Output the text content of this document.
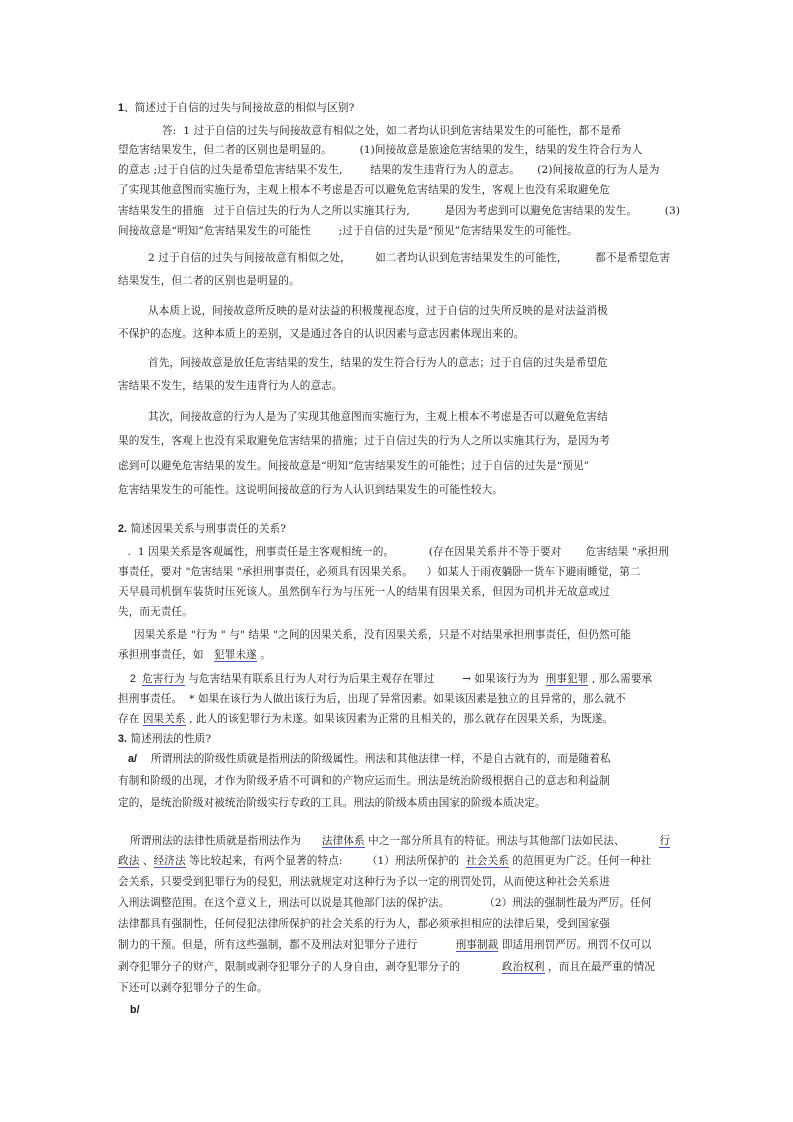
1、简述过于自信的过失与间接故意的相似与区别?
答:  1 过于自信的过失与间接故意有相似之处，如二者均认识到危害结果发生的可能性，都不是希
望危害结果发生，但二者的区别也是明显的。        (1)间接故意是旅途危害结果的发生，结果的发生符合行为人
的意志 ;过于自信的过失是希望危害结果不发生,        结果的发生违背行为人的意志。     (2)间接故意的行为人是为
了实现其他意图而实施行为，主观上根本不考虑是否可以避免危害结果的发生，客观上也没有采取避免危
害结果发生的措施   过于自信过失的行为人之所以实施其行为,          是因为考虑到可以避免危害结果的发生。        (3)
间接故意是“明知”危害结果发生的可能性        ;过于自信的过失是“预见”危害结果发生的可能性。
2 过于自信的过失与间接故意有相似之处，       如二者均认识到危害结果发生的可能性，        都不是希望危害
结果发生，但二者的区别也是明显的。
从本质上说，间接故意所反映的是对法益的积极蔑视态度，过于自信的过失所反映的是对法益消极
不保护的态度。这种本质上的差别，又是通过各自的认识因素与意志因素体现出来的。
首先，间接故意是放任危害结果的发生，结果的发生符合行为人的意志；过于自信的过失是希望危
害结果不发生，结果的发生违背行为人的意志。
其次，间接故意的行为人是为了实现其他意图而实施行为，主观上根本不考虑是否可以避免危害结
果的发生，客观上也没有采取避免危害结果的措施；过于自信过失的行为人之所以实施其行为，是因为考
虑到可以避免危害结果的发生。间接故意是“明知”危害结果发生的可能性；过于自信的过失是“预见”
危害结果发生的可能性。这说明间接故意的行为人认识到结果发生的可能性较大。
2. 简述因果关系与刑事责任的关系?
.  1 因果关系是客观属性，刑事责任是主客观相统一的。          (存在因果关系并不等于要对       危害结果 "承担刑
事责任，要对 "危害结果 "承担刑事责任，必须具有因果关系。    ）如某人于雨夜躺卧一货车下避雨睡觉，第二
天早晨司机倒车装货时压死该人。虽然倒车行为与压死一人的结果有因果关系，但因为司机并无故意或过
失，而无责任。
因果关系是 "行为 " 与" 结果 "之间的因果关系，没有因果关系，只是不对结果承担刑事责任，但仍然可能
承担刑事责任，如   犯罪未遂 。
2  危害行为 与危害结果有联系且行为人对行为后果主观存在罪过        → 如果该行为为  刑事犯罪 , 那么需要承
担刑事责任。  * 如果在该行为人做出该行为后，出现了异常因素。如果该因素是独立的且异常的，那么就不
存在 因果关系 , 此人的该犯罪行为未遂。如果该因素为正常的且相关的，那么就存在因果关系，为既遂。
3. 简述刑法的性质?
a/    所谓刑法的阶级性质就是指刑法的阶级属性。刑法和其他法律一样，不是自古就有的，而是随着私
有制和阶级的出现，才作为阶级矛盾不可调和的产物应运而生。刑法是统治阶级根据自己的意志和利益制
定的，是统治阶级对被统治阶级实行专政的工具。刑法的阶级本质由国家的阶级本质决定。
所谓刑法的法律性质就是指刑法作为      法律体系 中之一部分所具有的特征。刑法与其他部门法如民法、          行
政法 、经济法 等比较起来，有两个显著的特点:       （1）刑法所保护的  社会关系 的范围更为广泛。任何一种社
会关系，只要受到犯罪行为的侵犯，刑法就规定对这种行为予以一定的刑罚处罚，从而使这种社会关系进
入刑法调整范围。在这个意义上，刑法可以说是其他部门法的保护法。          （2）刑法的强制性最为严厉。任何
法律都具有强制性，任何侵犯法律所保护的社会关系的行为人，都必须承担相应的法律后果，受到国家强
制力的干预。但是，所有这些强制，都不及刑法对犯罪分子进行           刑事制裁 即适用刑罚严厉。刑罚不仅可以
剥夺犯罪分子的财产，限制或剥夺犯罪分子的人身自由，剥夺犯罪分子的            政治权利 ，而且在最严重的情况
下还可以剥夺犯罪分子的生命。
b/
